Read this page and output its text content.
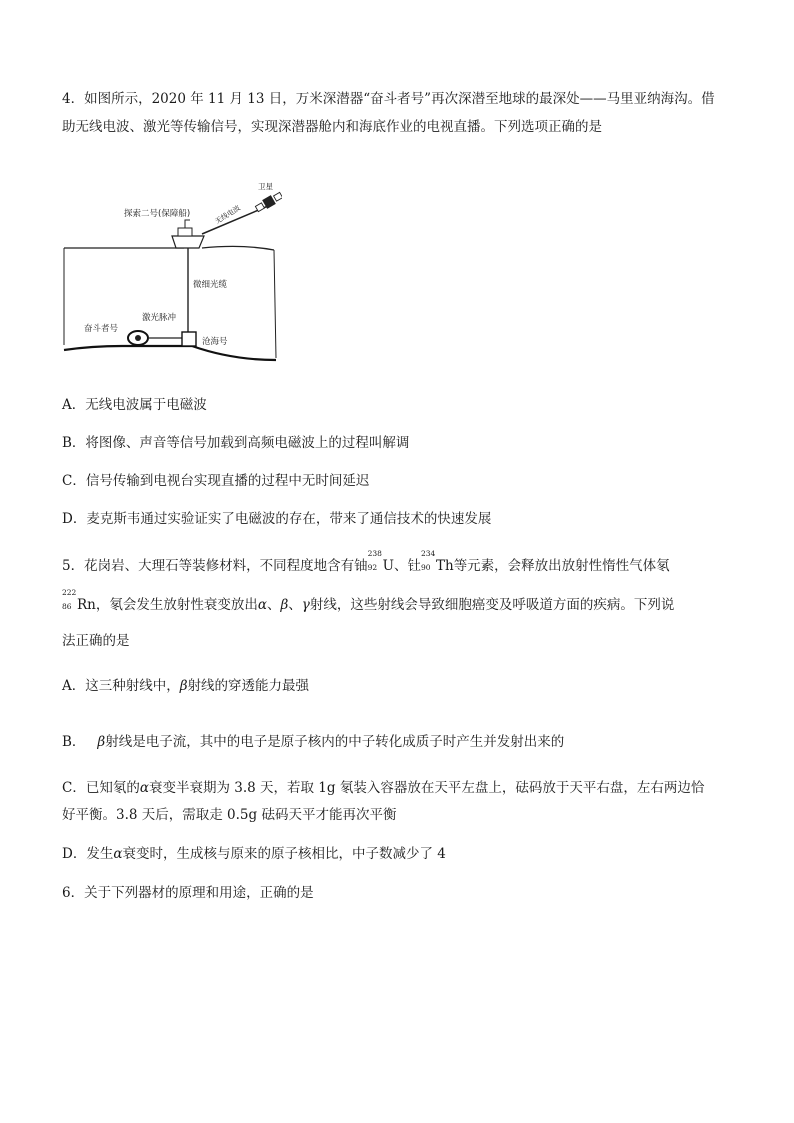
4．如图所示，2020 年 11 月 13 日，万米深潜器“奋斗者号”再次深潜至地球的最深处——马里亚纳海沟。借
助无线电波、激光等传输信号，实现深潜器舱内和海底作业的电视直播。下列选项正确的是
探索二号(保障船)	无线电波
卫星
微细光缆
奋斗者号
激光脉冲
沧海号
A．无线电波属于电磁波
B．将图像、声音等信号加载到高频电磁波上的过程叫解调
C．信号传输到电视台实现直播的过程中无时间延迟
D．麦克斯韦通过实验证实了电磁波的存在，带来了通信技术的快速发展
5．花岗岩、大理石等装修材料，不同程度地含有铀
238
92 U、钍
234
90 Th等元素，会释放出放射性惰性气体氡
222
86 Rn，氡会发生放射性衰变放出α、β、γ射线，这些射线会导致细胞癌变及呼吸道方面的疾病。下列说
法正确的是
A．这三种射线中，β射线的穿透能力最强
B． β射线是电子流，其中的电子是原子核内的中子转化成质子时产生并发射出来的
C．已知氡的α衰变半衰期为 3.8 天，若取 1g 氡装入容器放在天平左盘上，砝码放于天平右盘，左右两边恰
好平衡。3.8 天后，需取走 0.5g 砝码天平才能再次平衡
D．发生α衰变时，生成核与原来的原子核相比，中子数减少了 4
6．关于下列器材的原理和用途，正确的是
